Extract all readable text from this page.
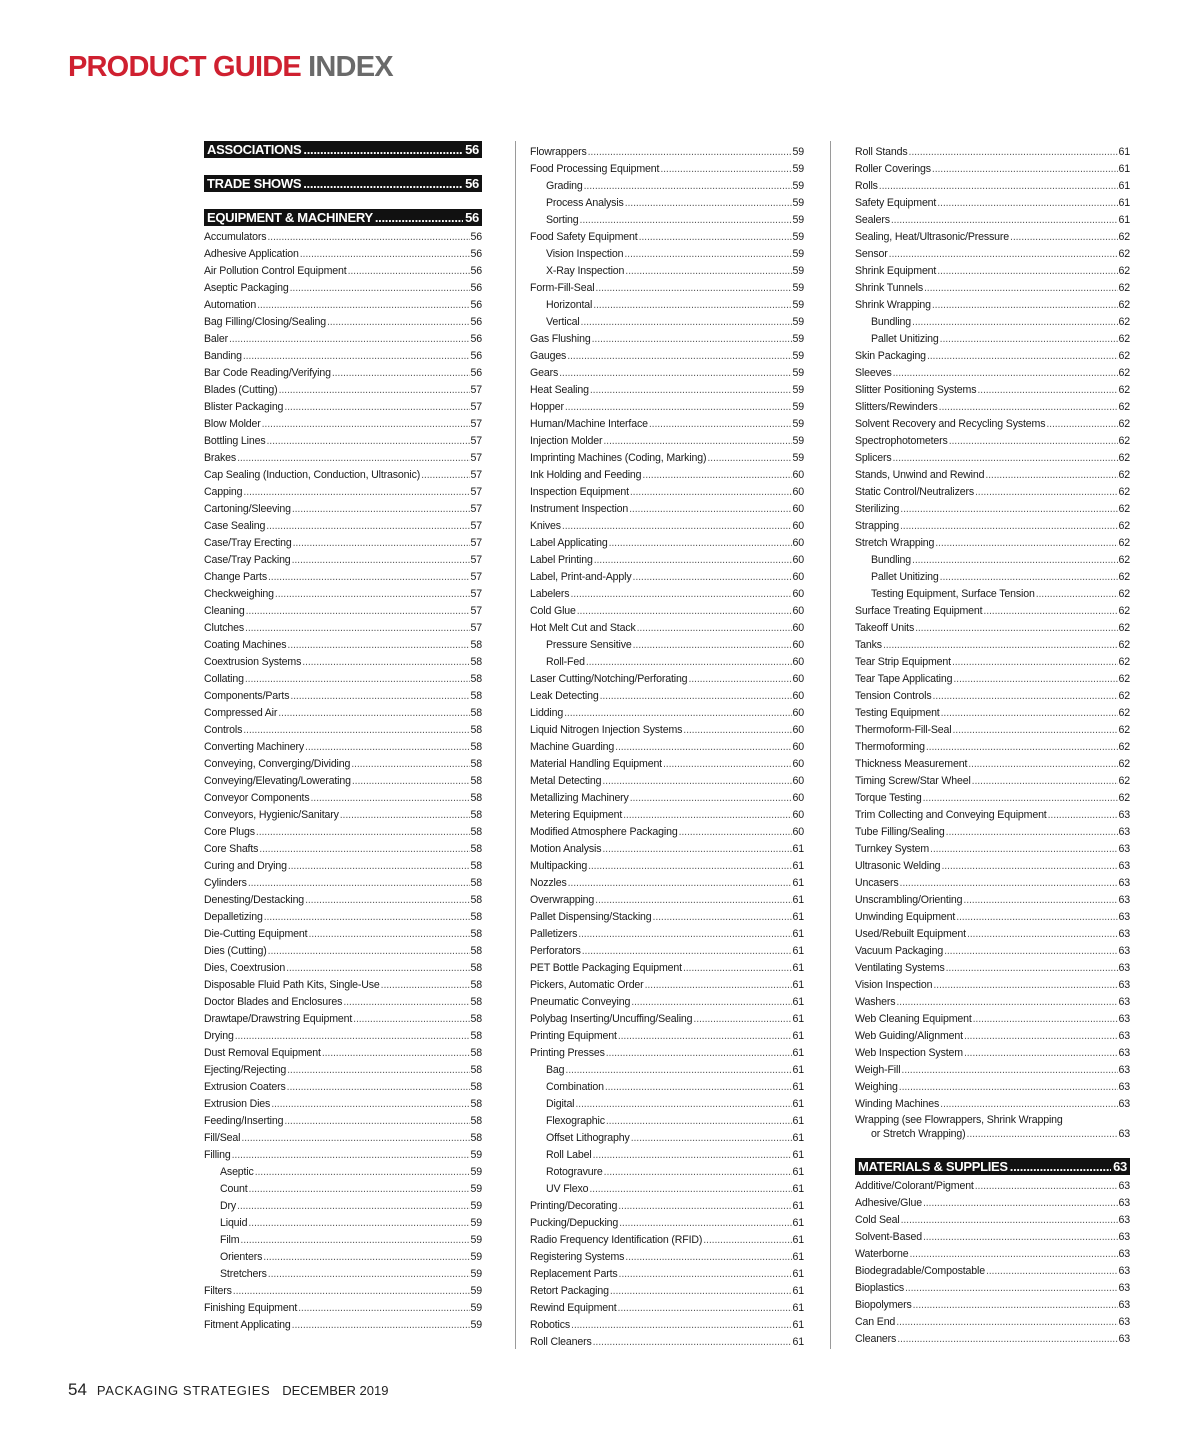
PRODUCT GUIDE INDEX
ASSOCIATIONS .....	56
TRADE SHOWS .....	56
EQUIPMENT & MACHINERY .....	56
Accumulators .....	56
Adhesive Application .....	56
Air Pollution Control Equipment .....	56
Aseptic Packaging .....	56
Automation .....	56
Bag Filling/Closing/Sealing .....	56
Baler .....	56
Banding .....	56
Bar Code Reading/Verifying .....	56
Blades (Cutting) .....	57
Blister Packaging .....	57
Blow Molder .....	57
Bottling Lines .....	57
Brakes .....	57
Cap Sealing (Induction, Conduction, Ultrasonic) .....	57
Capping .....	57
Cartoning/Sleeving .....	57
Case Sealing .....	57
Case/Tray Erecting .....	57
Case/Tray Packing .....	57
Change Parts .....	57
Checkweighing .....	57
Cleaning .....	57
Clutches .....	57
Coating Machines .....	58
Coextrusion Systems .....	58
Collating .....	58
Components/Parts .....	58
Compressed Air .....	58
Controls .....	58
Converting Machinery .....	58
Conveying, Converging/Dividing .....	58
Conveying/Elevating/Lowerating .....	58
Conveyor Components .....	58
Conveyors, Hygienic/Sanitary .....	58
Core Plugs .....	58
Core Shafts .....	58
Curing and Drying .....	58
Cylinders .....	58
Denesting/Destacking .....	58
Depalletizing .....	58
Die-Cutting Equipment .....	58
Dies (Cutting) .....	58
Dies, Coextrusion .....	58
Disposable Fluid Path Kits, Single-Use .....	58
Doctor Blades and Enclosures .....	58
Drawtape/Drawstring Equipment .....	58
Drying .....	58
Dust Removal Equipment .....	58
Ejecting/Rejecting .....	58
Extrusion Coaters .....	58
Extrusion Dies .....	58
Feeding/Inserting .....	58
Fill/Seal .....	58
Filling .....	59
Aseptic .....	59
Count .....	59
Dry .....	59
Liquid .....	59
Film .....	59
Orienters .....	59
Stretchers .....	59
Filters .....	59
Finishing Equipment .....	59
Fitment Applicating .....	59
Flowrappers .....	59
Food Processing Equipment .....	59
Grading .....	59
Process Analysis .....	59
Sorting .....	59
Food Safety Equipment .....	59
Vision Inspection .....	59
X-Ray Inspection .....	59
Form-Fill-Seal .....	59
Horizontal .....	59
Vertical .....	59
Gas Flushing .....	59
Gauges .....	59
Gears .....	59
Heat Sealing .....	59
Hopper .....	59
Human/Machine Interface .....	59
Injection Molder .....	59
Imprinting Machines (Coding, Marking) .....	59
Ink Holding and Feeding .....	60
Inspection Equipment .....	60
Instrument Inspection .....	60
Knives .....	60
Label Applicating .....	60
Label Printing .....	60
Label, Print-and-Apply .....	60
Labelers .....	60
Cold Glue .....	60
Hot Melt Cut and Stack .....	60
Pressure Sensitive .....	60
Roll-Fed .....	60
Laser Cutting/Notching/Perforating .....	60
Leak Detecting .....	60
Lidding .....	60
Liquid Nitrogen Injection Systems .....	60
Machine Guarding .....	60
Material Handling Equipment .....	60
Metal Detecting .....	60
Metallizing Machinery .....	60
Metering Equipment .....	60
Modified Atmosphere Packaging .....	60
Motion Analysis .....	61
Multipacking .....	61
Nozzles .....	61
Overwrapping .....	61
Pallet Dispensing/Stacking .....	61
Palletizers .....	61
Perforators .....	61
PET Bottle Packaging Equipment .....	61
Pickers, Automatic Order .....	61
Pneumatic Conveying .....	61
Polybag Inserting/Uncuffing/Sealing .....	61
Printing Equipment .....	61
Printing Presses .....	61
Bag .....	61
Combination .....	61
Digital .....	61
Flexographic .....	61
Offset Lithography .....	61
Roll Label .....	61
Rotogravure .....	61
UV Flexo .....	61
Printing/Decorating .....	61
Pucking/Depucking .....	61
Radio Frequency Identification (RFID) .....	61
Registering Systems .....	61
Replacement Parts .....	61
Retort Packaging .....	61
Rewind Equipment .....	61
Robotics .....	61
Roll Cleaners .....	61
Roll Stands .....	61
Roller Coverings .....	61
Rolls .....	61
Safety Equipment .....	61
Sealers .....	61
Sealing, Heat/Ultrasonic/Pressure .....	62
Sensor .....	62
Shrink Equipment .....	62
Shrink Tunnels .....	62
Shrink Wrapping .....	62
Bundling .....	62
Pallet Unitizing .....	62
Skin Packaging .....	62
Sleeves .....	62
Slitter Positioning Systems .....	62
Slitters/Rewinders .....	62
Solvent Recovery and Recycling Systems .....	62
Spectrophotometers .....	62
Splicers .....	62
Stands, Unwind and Rewind .....	62
Static Control/Neutralizers .....	62
Sterilizing .....	62
Strapping .....	62
Stretch Wrapping .....	62
Bundling .....	62
Pallet Unitizing .....	62
Testing Equipment, Surface Tension .....	62
Surface Treating Equipment .....	62
Takeoff Units .....	62
Tanks .....	62
Tear Strip Equipment .....	62
Tear Tape Applicating .....	62
Tension Controls .....	62
Testing Equipment .....	62
Thermoform-Fill-Seal .....	62
Thermoforming .....	62
Thickness Measurement .....	62
Timing Screw/Star Wheel .....	62
Torque Testing .....	62
Trim Collecting and Conveying Equipment .....	63
Tube Filling/Sealing .....	63
Turnkey System .....	63
Ultrasonic Welding .....	63
Uncasers .....	63
Unscrambling/Orienting .....	63
Unwinding Equipment .....	63
Used/Rebuilt Equipment .....	63
Vacuum Packaging .....	63
Ventilating Systems .....	63
Vision Inspection .....	63
Washers .....	63
Web Cleaning Equipment .....	63
Web Guiding/Alignment .....	63
Web Inspection System .....	63
Weigh-Fill .....	63
Weighing .....	63
Winding Machines .....	63
Wrapping (see Flowrappers, Shrink Wrapping
or Stretch Wrapping) .....	63
MATERIALS & SUPPLIES .....	63
Additive/Colorant/Pigment .....	63
Adhesive/Glue .....	63
Cold Seal .....	63
Solvent-Based .....	63
Waterborne .....	63
Biodegradable/Compostable .....	63
Bioplastics .....	63
Biopolymers .....	63
Can End .....	63
Cleaners .....	63
54 PACKAGING STRATEGIES DECEMBER 2019
